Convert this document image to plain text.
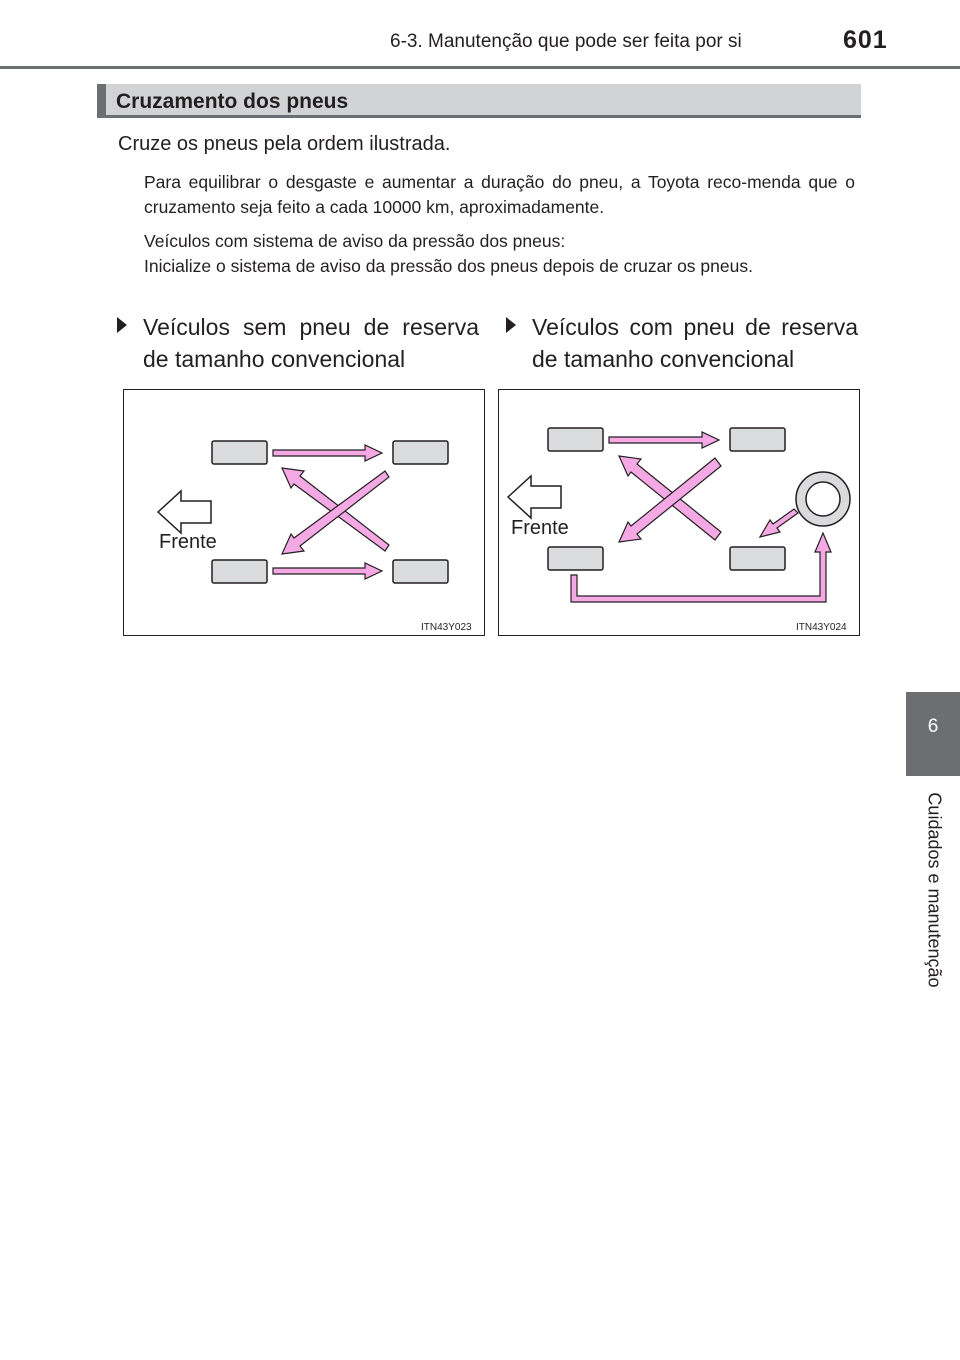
6-3. Manutenção que pode ser feita por si	601
6
Cuidados e manutenção
Cruzamento dos pneus
Cruze os pneus pela ordem ilustrada.
Para equilibrar o desgaste e aumentar a duração do pneu, a Toyota reco-menda que o cruzamento seja feito a cada 10000 km, aproximadamente.
Veículos com sistema de aviso da pressão dos pneus:
Inicialize o sistema de aviso da pressão dos pneus depois de cruzar os pneus.
Veículos sem pneu de reserva de tamanho convencional
Veículos com pneu de reserva de tamanho convencional
Frente
ITN43Y023
Frente
ITN43Y024
